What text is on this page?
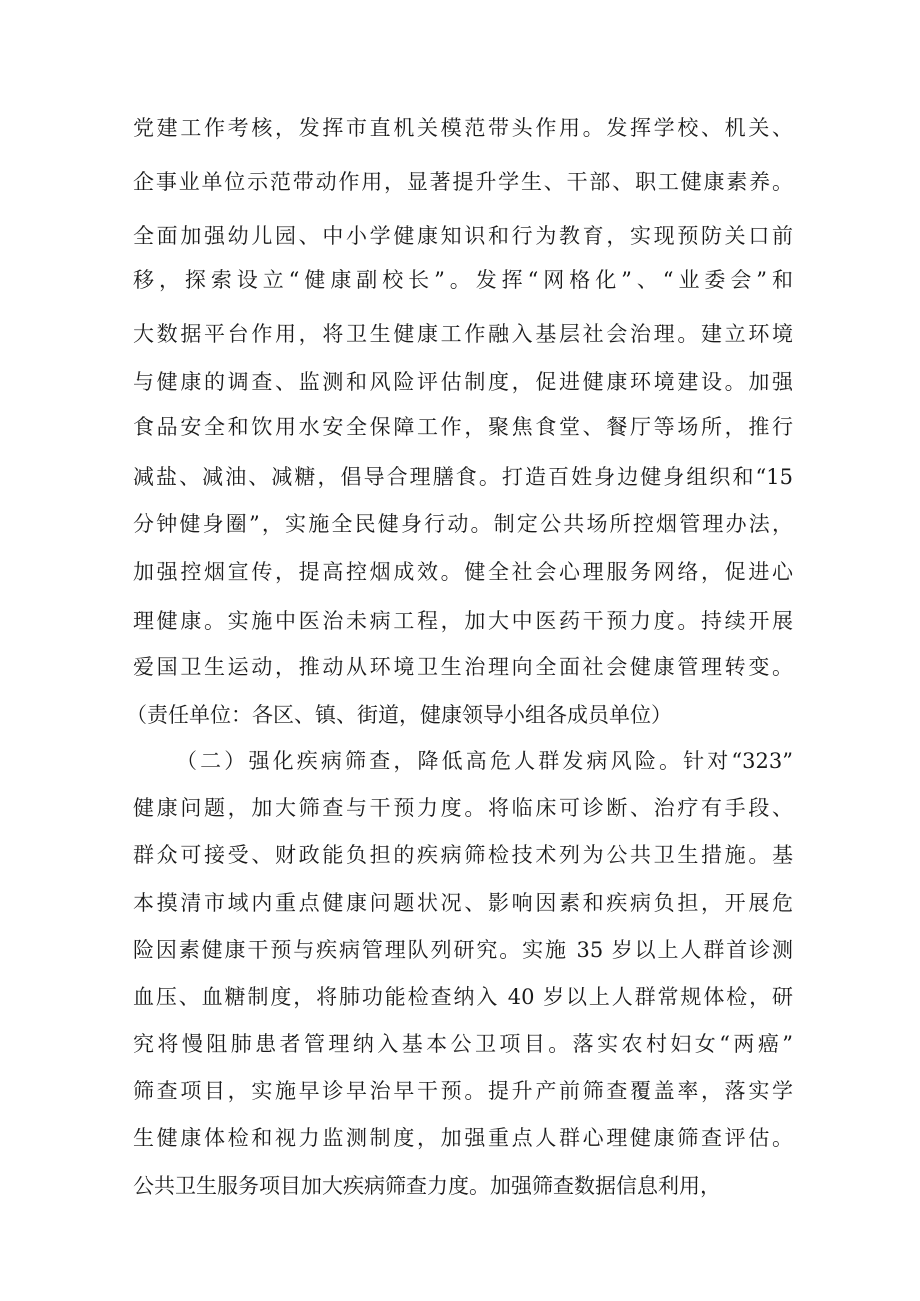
党建工作考核，发挥市直机关模范带头作用。发挥学校、机关、
企事业单位示范带动作用，显著提升学生、干部、职工健康素养。
全面加强幼儿园、中小学健康知识和行为教育，实现预防关口前
移，探索设立“健康副校长”。发挥“网格化”、“业委会”和
大数据平台作用，将卫生健康工作融入基层社会治理。建立环境
与健康的调查、监测和风险评估制度，促进健康环境建设。加强
食品安全和饮用水安全保障工作，聚焦食堂、餐厅等场所，推行
减盐、减油、减糖，倡导合理膳食。打造百姓身边健身组织和“15
分钟健身圈”，实施全民健身行动。制定公共场所控烟管理办法，
加强控烟宣传，提高控烟成效。健全社会心理服务网络，促进心
理健康。实施中医治未病工程，加大中医药干预力度。持续开展
爱国卫生运动，推动从环境卫生治理向全面社会健康管理转变。
（责任单位：各区、镇、街道，健康领导小组各成员单位）
（二）强化疾病筛查，降低高危人群发病风险。针对“323”
健康问题，加大筛查与干预力度。将临床可诊断、治疗有手段、
群众可接受、财政能负担的疾病筛检技术列为公共卫生措施。基
本摸清市域内重点健康问题状况、影响因素和疾病负担，开展危
险因素健康干预与疾病管理队列研究。实施 35 岁以上人群首诊测
血压、血糖制度，将肺功能检查纳入 40 岁以上人群常规体检，研
究将慢阻肺患者管理纳入基本公卫项目。落实农村妇女“两癌”
筛查项目，实施早诊早治早干预。提升产前筛查覆盖率，落实学
生健康体检和视力监测制度，加强重点人群心理健康筛查评估。
公共卫生服务项目加大疾病筛查力度。加强筛查数据信息利用，
